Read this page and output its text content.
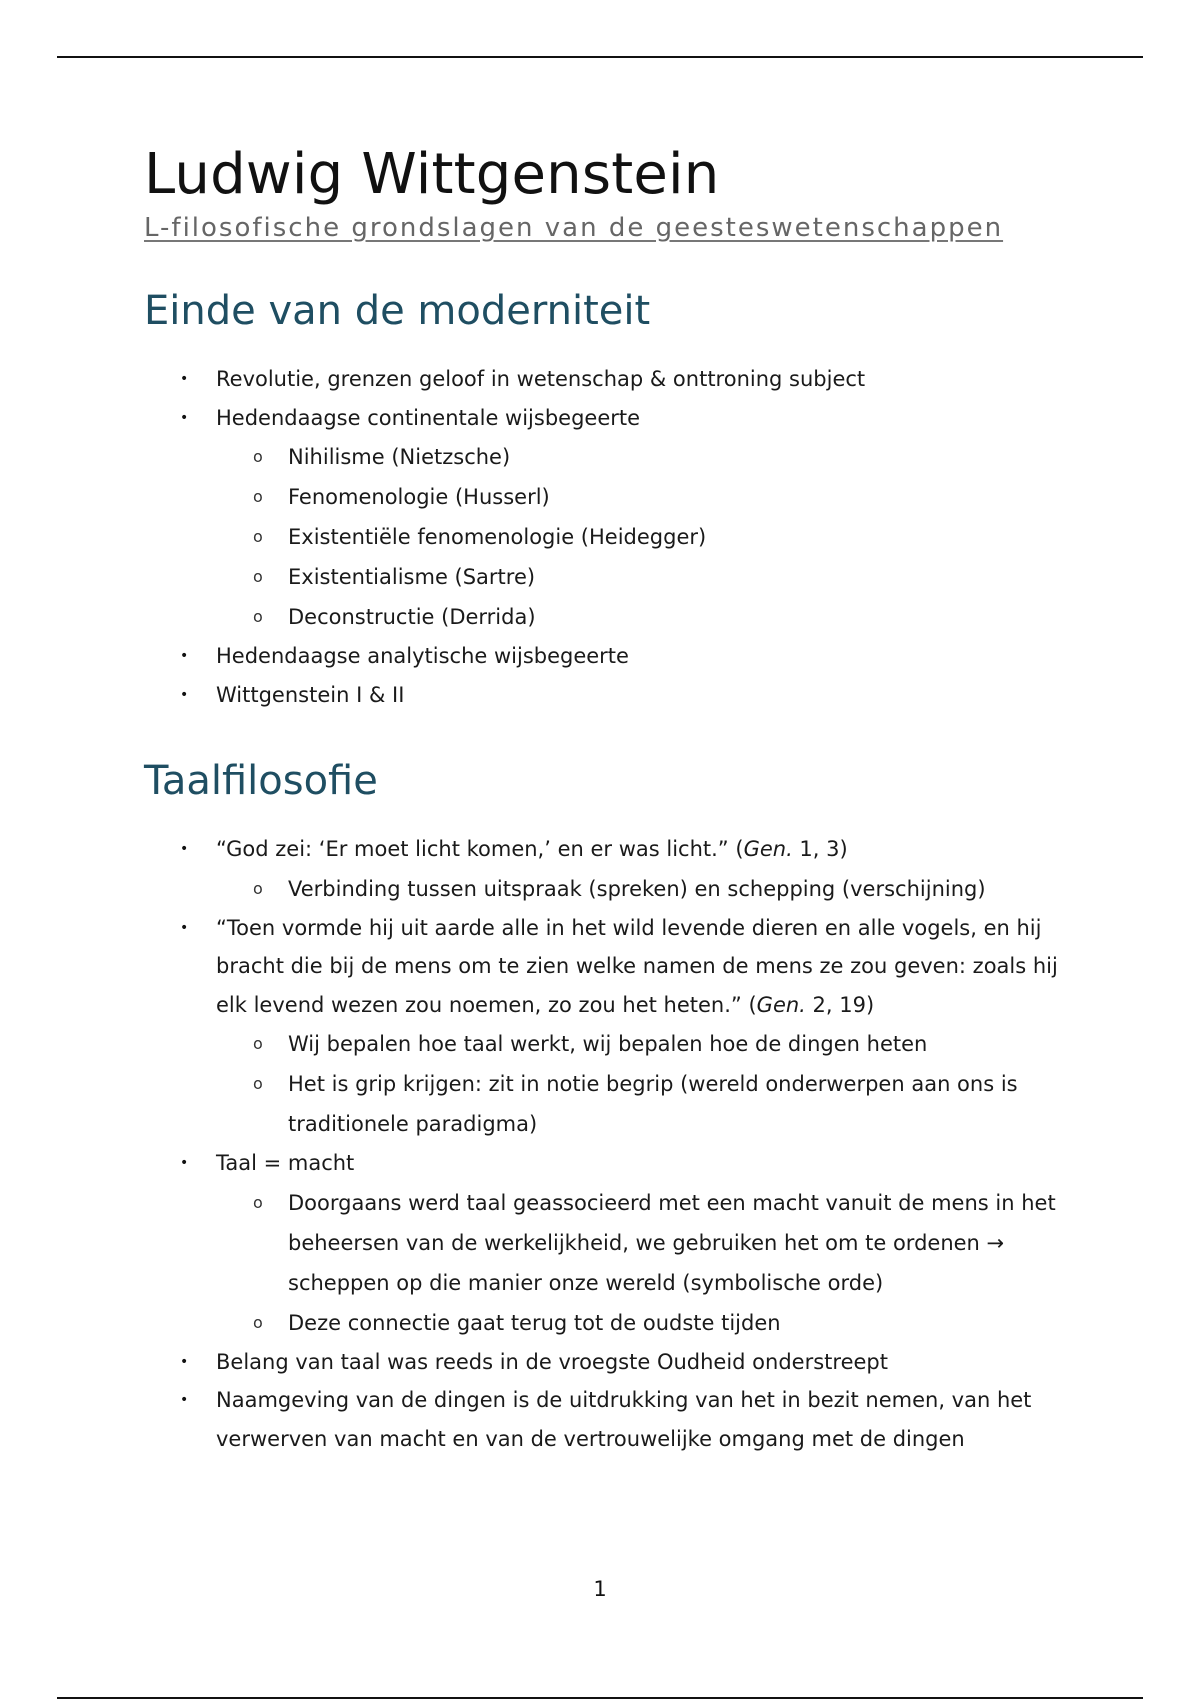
Ludwig Wittgenstein
L-filosofische grondslagen van de geesteswetenschappen
Einde van de moderniteit
• Revolutie, grenzen geloof in wetenschap & onttroning subject
• Hedendaagse continentale wijsbegeerte
o Nihilisme (Nietzsche)
o Fenomenologie (Husserl)
o Existentiële fenomenologie (Heidegger)
o Existentialisme (Sartre)
o Deconstructie (Derrida)
• Hedendaagse analytische wijsbegeerte
• Wittgenstein I & II
Taalfilosofie
• “God zei: ‘Er moet licht komen,’ en er was licht.” (Gen. 1, 3)
o Verbinding tussen uitspraak (spreken) en schepping (verschijning)
• “Toen vormde hij uit aarde alle in het wild levende dieren en alle vogels, en hij bracht die bij de mens om te zien welke namen de mens ze zou geven: zoals hij elk levend wezen zou noemen, zo zou het heten.” (Gen. 2, 19)
o Wij bepalen hoe taal werkt, wij bepalen hoe de dingen heten
o Het is grip krijgen: zit in notie begrip (wereld onderwerpen aan ons is traditionele paradigma)
• Taal = macht
o Doorgaans werd taal geassocieerd met een macht vanuit de mens in het beheersen van de werkelijkheid, we gebruiken het om te ordenen → scheppen op die manier onze wereld (symbolische orde)
o Deze connectie gaat terug tot de oudste tijden
• Belang van taal was reeds in de vroegste Oudheid onderstreept
• Naamgeving van de dingen is de uitdrukking van het in bezit nemen, van het verwerven van macht en van de vertrouwelijke omgang met de dingen
1
